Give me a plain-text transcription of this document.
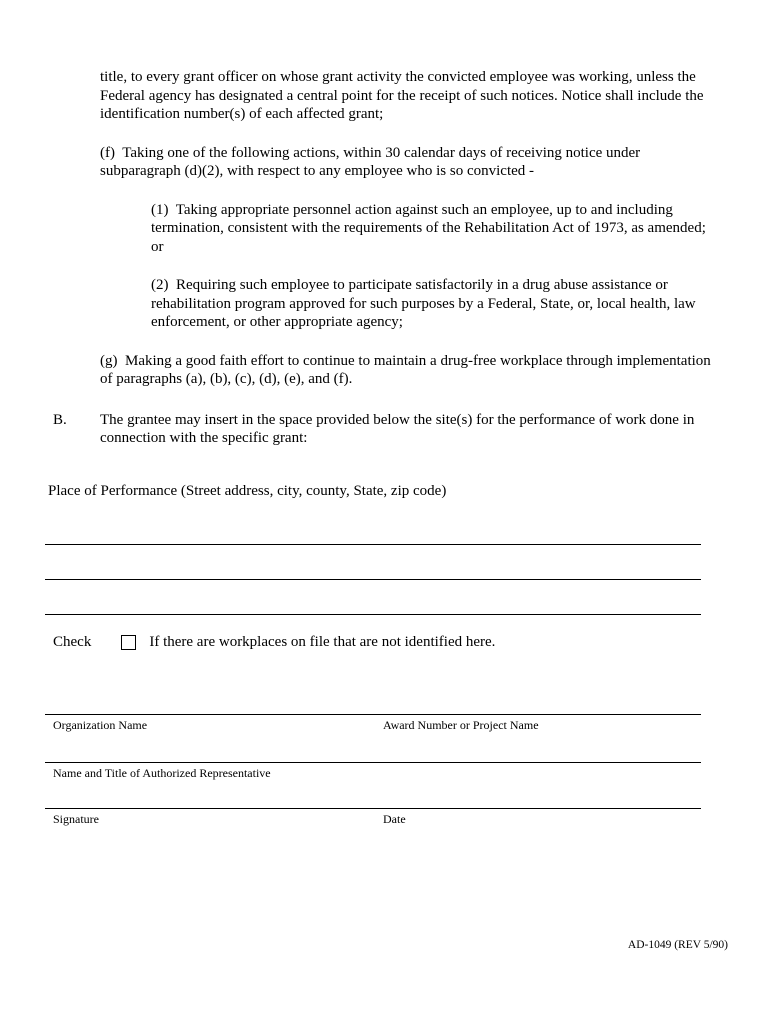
title, to every grant officer on whose grant activity the convicted employee was working, unless the Federal agency has designated a central point for the receipt of such notices. Notice shall include the identification number(s) of each affected grant;

(f)  Taking one of the following actions, within 30 calendar days of receiving notice under subparagraph (d)(2), with respect to any employee who is so convicted -

(1)  Taking appropriate personnel action against such an employee, up to and including termination, consistent with the requirements of the Rehabilitation Act of 1973, as amended; or

(2)  Requiring such employee to participate satisfactorily in a drug abuse assistance or rehabilitation program approved for such purposes by a Federal, State, or, local health, law enforcement, or other appropriate agency;

(g)  Making a good faith effort to continue to maintain a drug-free workplace through implementation of paragraphs (a), (b), (c), (d), (e), and (f).

B.	The grantee may insert in the space provided below the site(s) for the performance of work done in connection with the specific grant:
Place of Performance (Street address, city, county, State, zip code)
Check	If there are workplaces on file that are not identified here.
Organization Name	Award Number or Project Name
Name and Title of Authorized Representative
Signature	Date
AD-1049 (REV 5/90)
